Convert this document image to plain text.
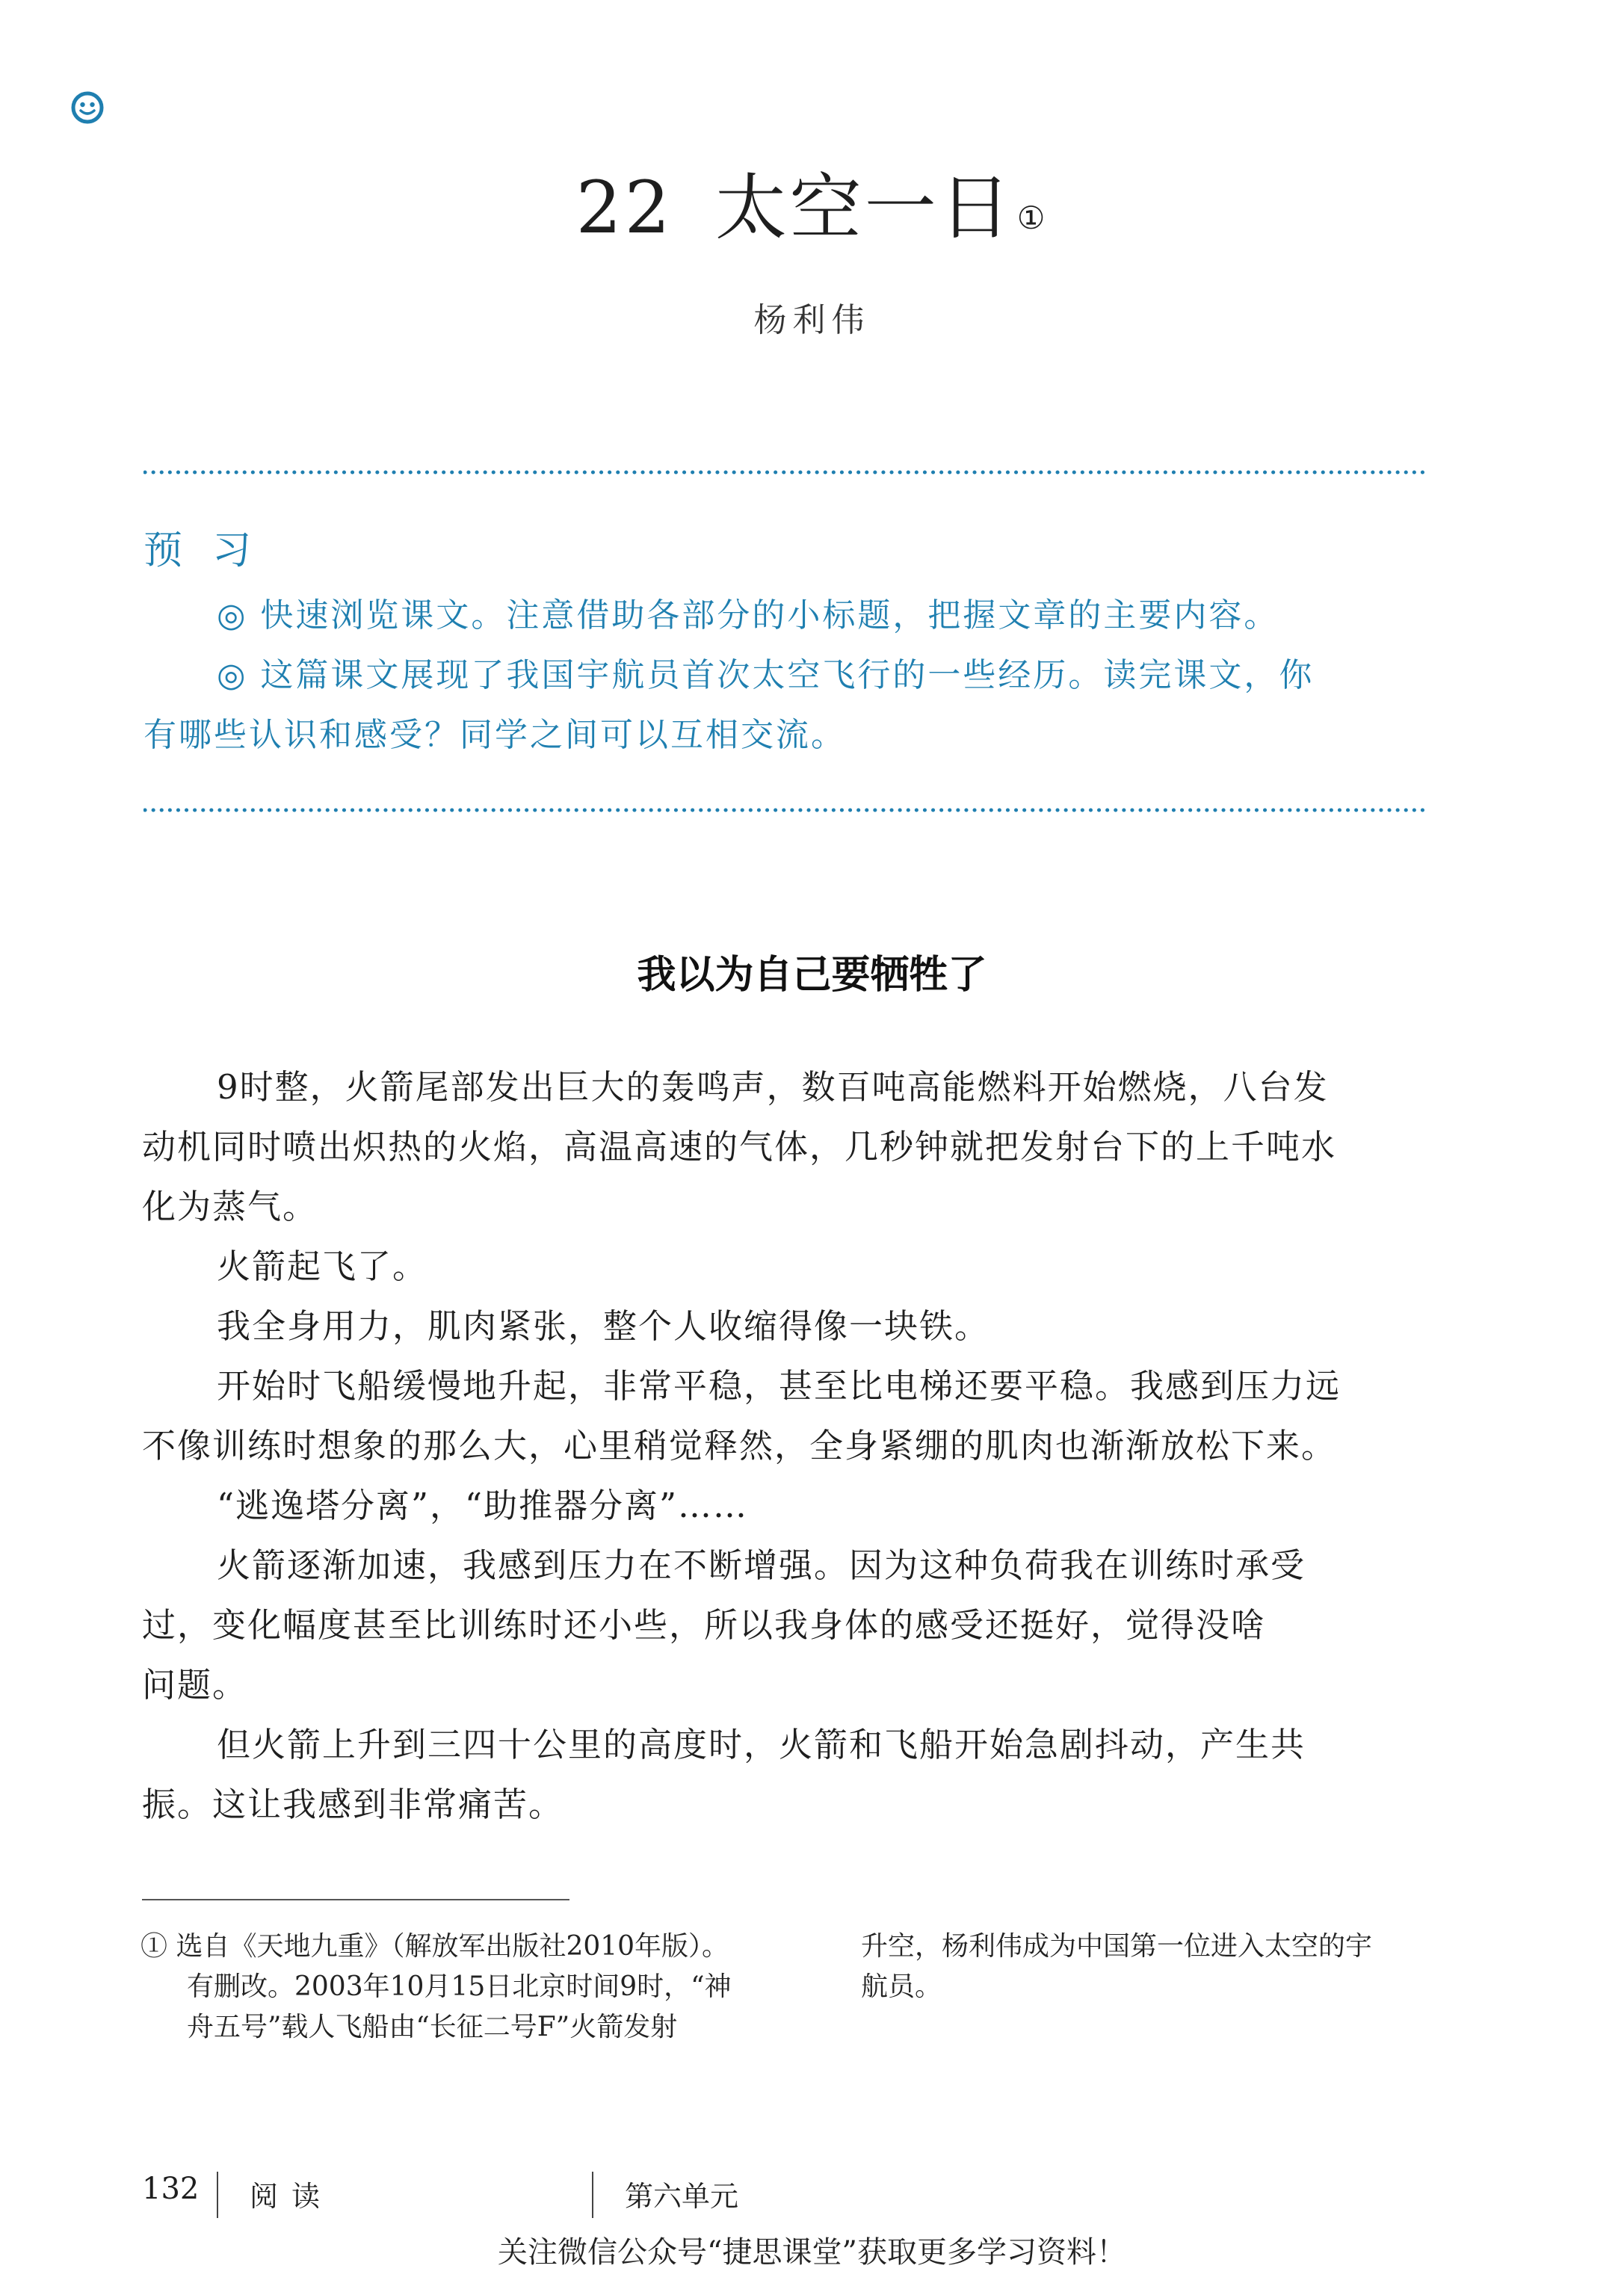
22 太空一日①
杨利伟
预习
◎ 快速浏览课文。注意借助各部分的小标题，把握文章的主要内容。
◎ 这篇课文展现了我国宇航员首次太空飞行的一些经历。读完课文，你
有哪些认识和感受？同学之间可以互相交流。
我以为自己要牺牲了
9时整，火箭尾部发出巨大的轰鸣声，数百吨高能燃料开始燃烧，八台发
动机同时喷出炽热的火焰，高温高速的气体，几秒钟就把发射台下的上千吨水
化为蒸气。
火箭起飞了。
我全身用力，肌肉紧张，整个人收缩得像一块铁。
开始时飞船缓慢地升起，非常平稳，甚至比电梯还要平稳。我感到压力远
不像训练时想象的那么大，心里稍觉释然，全身紧绷的肌肉也渐渐放松下来。
“逃逸塔分离”，“助推器分离”……
火箭逐渐加速，我感到压力在不断增强。因为这种负荷我在训练时承受
过，变化幅度甚至比训练时还小些，所以我身体的感受还挺好，觉得没啥
问题。
但火箭上升到三四十公里的高度时，火箭和飞船开始急剧抖动，产生共
振。这让我感到非常痛苦。
① 选自《天地九重》（解放军出版社2010年版）。
有删改。2003年10月15日北京时间9时，“神
舟五号”载人飞船由“长征二号F”火箭发射
升空，杨利伟成为中国第一位进入太空的宇
航员。
132 阅读	第六单元
关注微信公众号“捷思课堂”获取更多学习资料！
